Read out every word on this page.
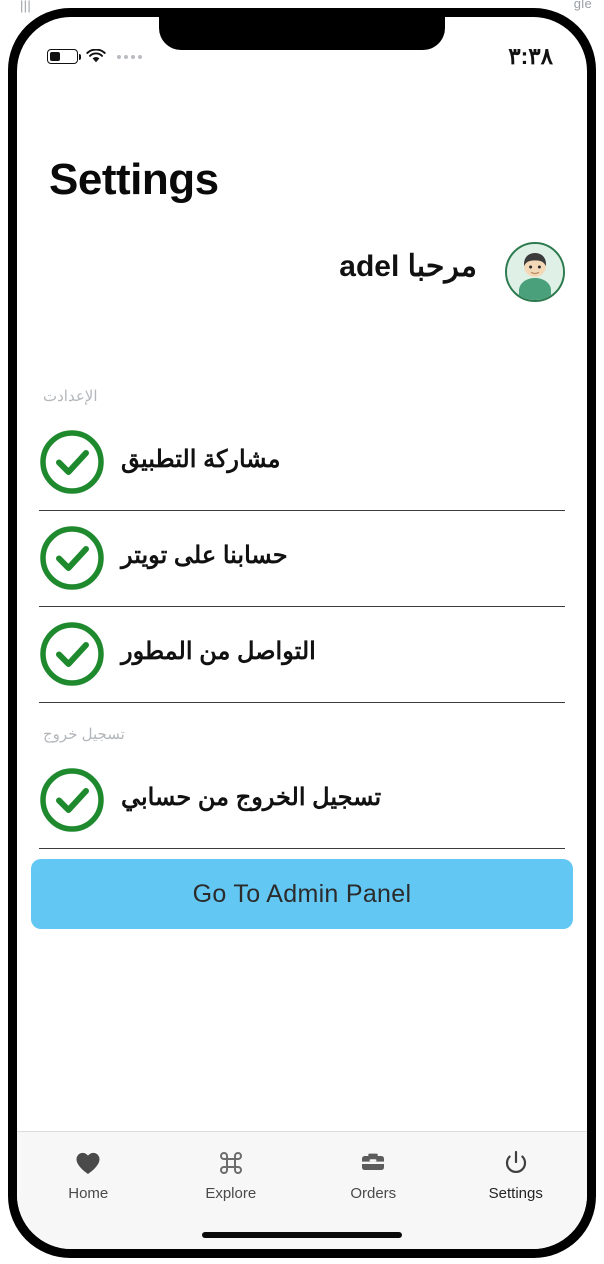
|||	gle
٣:٣٨
Settings
مرحبا adel
الإعدادت
مشاركة التطبيق
حسابنا على تويتر
التواصل من المطور
تسجيل خروج
تسجيل الخروج من حسابي
Go To Admin Panel
Home	Explore	Orders	Settings
